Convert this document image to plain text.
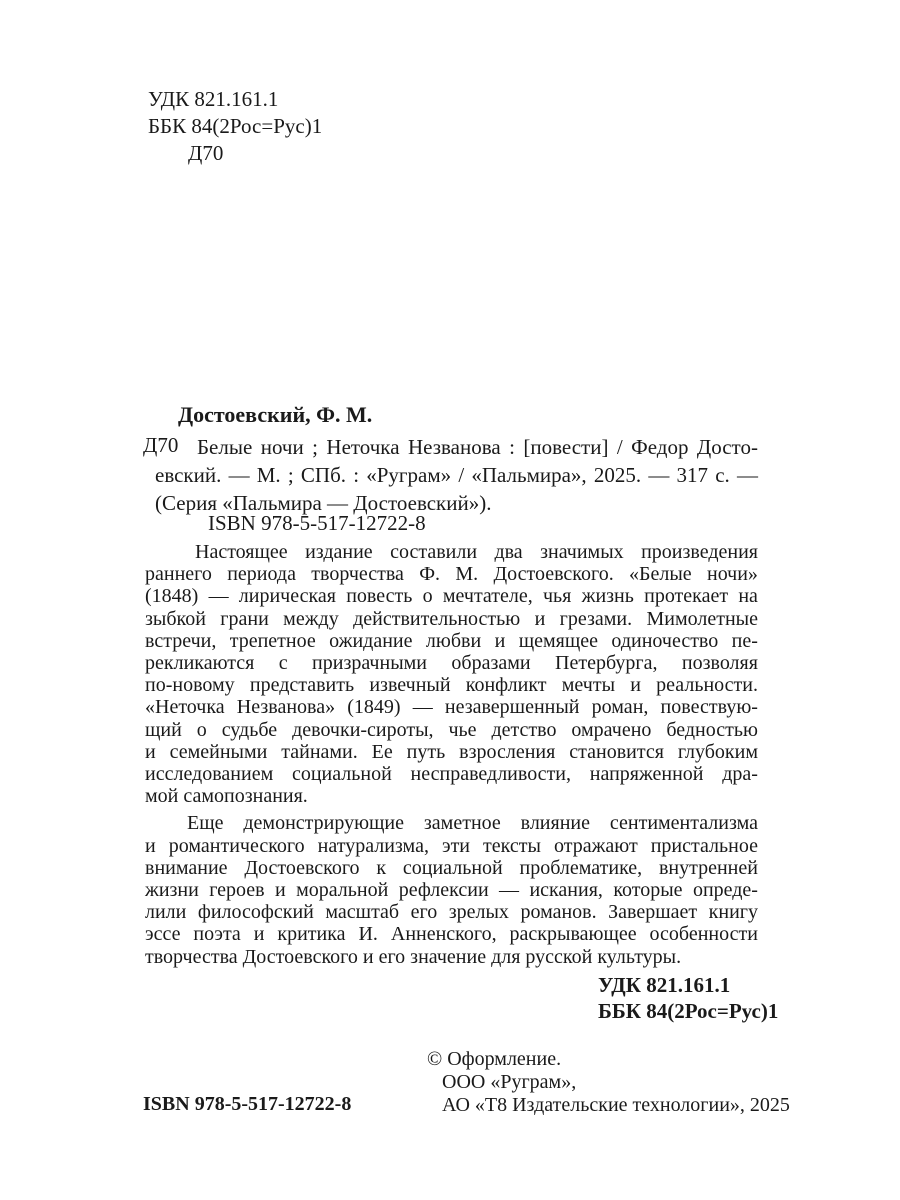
УДК 821.161.1
ББК 84(2Рос=Рус)1
Д70
Достоевский, Ф. М.
Д70 Белые ночи ; Неточка Незванова : [повести] / Федор Досто-
евский. — М. ; СПб. : «Руграм» / «Пальмира», 2025. — 317 с. —
(Серия «Пальмира — Достоевский»).
ISBN 978-5-517-12722-8
Настоящее издание составили два значимых произведения
раннего периода творчества Ф. М. Достоевского. «Белые ночи»
(1848) — лирическая повесть о мечтателе, чья жизнь протекает на
зыбкой грани между действительностью и грезами. Мимолетные
встречи, трепетное ожидание любви и щемящее одиночество пе-
рекликаются с призрачными образами Петербурга, позволяя
по-новому представить извечный конфликт мечты и реальности.
«Неточка Незванова» (1849) — незавершенный роман, повествую-
щий о судьбе девочки-сироты, чье детство омрачено бедностью
и семейными тайнами. Ее путь взросления становится глубоким
исследованием социальной несправедливости, напряженной дра-
мой самопознания.
Еще демонстрирующие заметное влияние сентиментализма
и романтического натурализма, эти тексты отражают пристальное
внимание Достоевского к социальной проблематике, внутренней
жизни героев и моральной рефлексии — искания, которые опреде-
лили философский масштаб его зрелых романов. Завершает книгу
эссе поэта и критика И. Анненского, раскрывающее особенности
творчества Достоевского и его значение для русской культуры.
УДК 821.161.1
ББК 84(2Рос=Рус)1
© Оформление.
ООО «Руграм»,
АО «Т8 Издательские технологии», 2025
ISBN 978-5-517-12722-8
